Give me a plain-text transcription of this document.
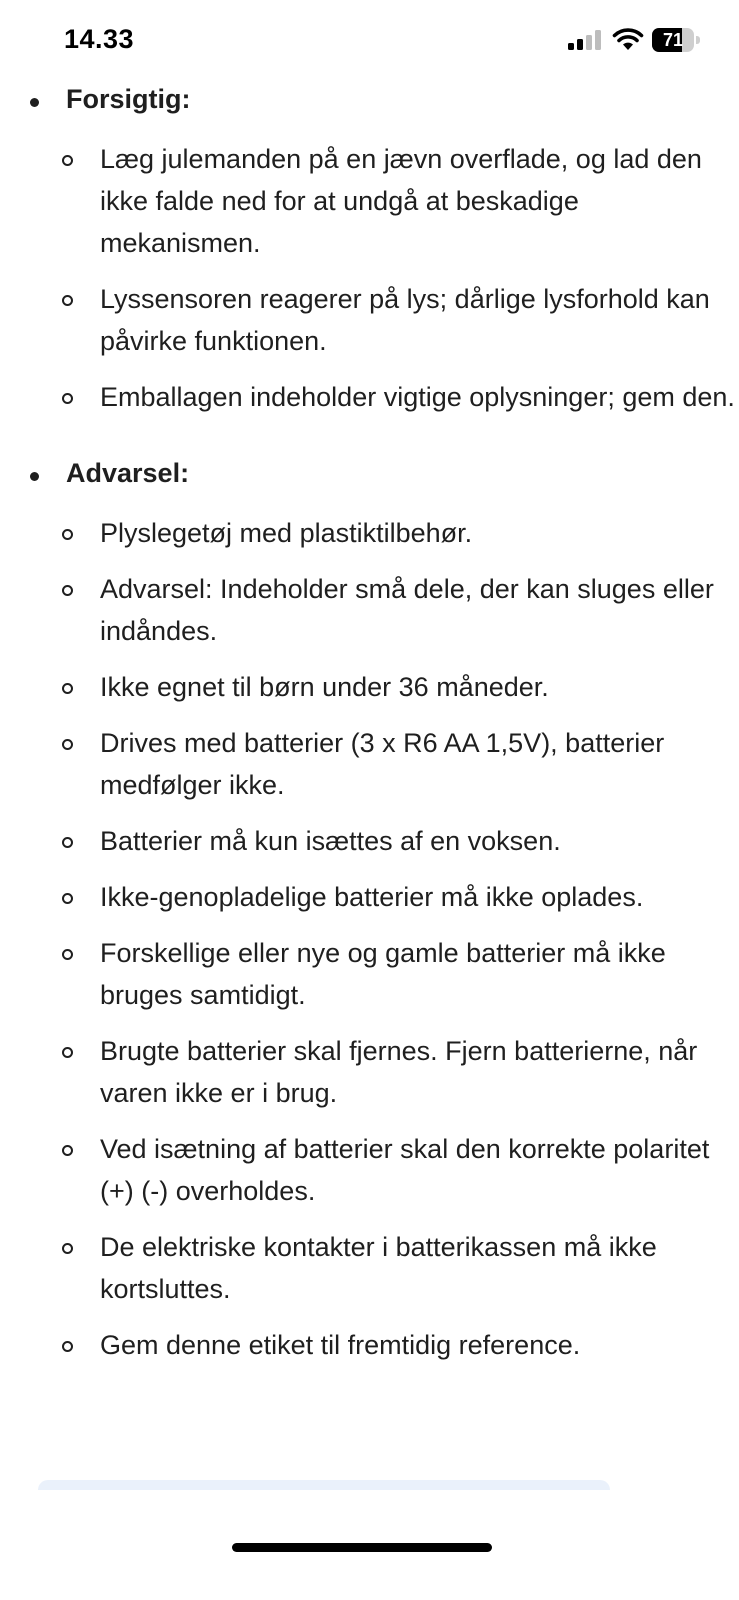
14.33	71
Forsigtig:
Læg julemanden på en jævn overflade, og lad den ikke falde ned for at undgå at beskadige mekanismen.
Lyssensoren reagerer på lys; dårlige lysforhold kan påvirke funktionen.
Emballagen indeholder vigtige oplysninger; gem den.
Advarsel:
Plyslegetøj med plastiktilbehør.
Advarsel: Indeholder små dele, der kan sluges eller indåndes.
Ikke egnet til børn under 36 måneder.
Drives med batterier (3 x R6 AA 1,5V), batterier medfølger ikke.
Batterier må kun isættes af en voksen.
Ikke-genopladelige batterier må ikke oplades.
Forskellige eller nye og gamle batterier må ikke bruges samtidigt.
Brugte batterier skal fjernes. Fjern batterierne, når varen ikke er i brug.
Ved isætning af batterier skal den korrekte polaritet (+) (-) overholdes.
De elektriske kontakter i batterikassen må ikke kortsluttes.
Gem denne etiket til fremtidig reference.
